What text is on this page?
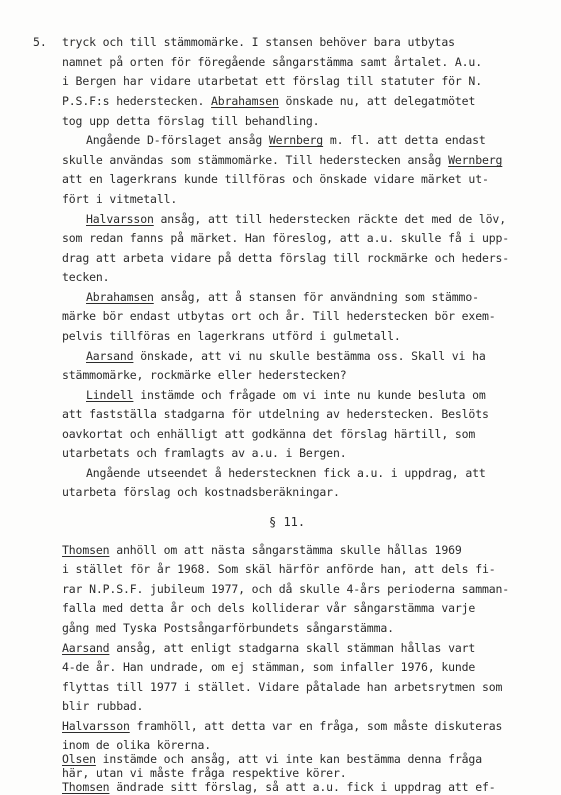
5. tryck och till stämmomärke. I stansen behöver bara utbytas
namnet på orten för föregående sångarstämma samt årtalet. A.u.
i Bergen har vidare utarbetat ett förslag till statuter för N.
P.S.F:s hederstecken. Abrahamsen önskade nu, att delegatmötet
tog upp detta förslag till behandling.
Angående D-förslaget ansåg Wernberg m. fl. att detta endast
skulle användas som stämmomärke. Till hederstecken ansåg Wernberg
att en lagerkrans kunde tillföras och önskade vidare märket ut-
fört i vitmetall.
Halvarsson ansåg, att till hederstecken räckte det med de löv,
som redan fanns på märket. Han föreslog, att a.u. skulle få i upp-
drag att arbeta vidare på detta förslag till rockmärke och heders-
tecken.
Abrahamsen ansåg, att å stansen för användning som stämmo-
märke bör endast utbytas ort och år. Till hederstecken bör exem-
pelvis tillföras en lagerkrans utförd i gulmetall.
Aarsand önskade, att vi nu skulle bestämma oss. Skall vi ha
stämmomärke, rockmärke eller hederstecken?
Lindell instämde och frågade om vi inte nu kunde besluta om
att fastställa stadgarna för utdelning av hederstecken. Beslöts
oavkortat och enhälligt att godkänna det förslag härtill, som
utarbetats och framlagts av a.u. i Bergen.
Angående utseendet å hederstecknen fick a.u. i uppdrag, att
utarbeta förslag och kostnadsberäkningar.
§ 11.
Thomsen anhöll om att nästa sångarstämma skulle hållas 1969
i stället för år 1968. Som skäl härför anförde han, att dels fi-
rar N.P.S.F. jubileum 1977, och då skulle 4-års perioderna samman-
falla med detta år och dels kolliderar vår sångarstämma varje
gång med Tyska Postsångarförbundets sångarstämma.
Aarsand ansåg, att enligt stadgarna skall stämman hållas vart
4-de år. Han undrade, om ej stämman, som infaller 1976, kunde
flyttas till 1977 i stället. Vidare påtalade han arbetsrytmen som
blir rubbad.
Halvarsson framhöll, att detta var en fråga, som måste diskuteras
inom de olika körerna.
Olsen instämde och ansåg, att vi inte kan bestämma denna fråga
här, utan vi måste fråga respektive körer.
Thomsen ändrade sitt förslag, så att a.u. fick i uppdrag att ef-
